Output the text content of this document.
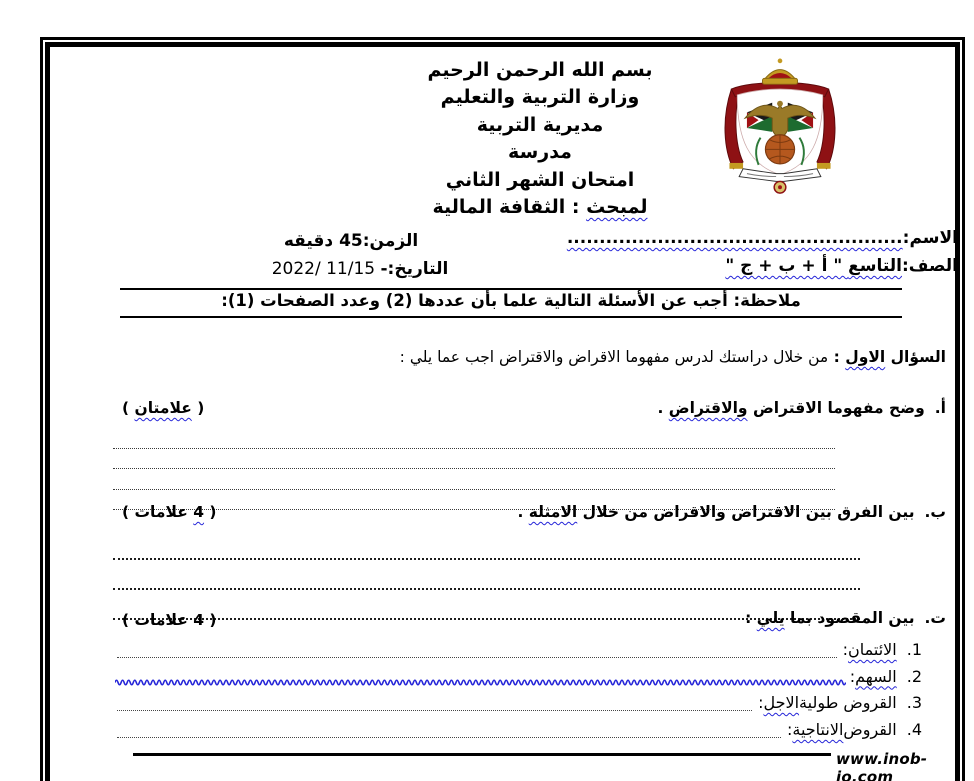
بسم الله الرحمن الرحيم
وزارة التربية والتعليم
مديرية التربية
مدرسة
امتحان الشهر الثاني
لمبحث : الثقافة المالية
الاسم:....................................................
الزمن:45 دقيقه
الصف:التاسع " أ + ب + ج "
التاريخ:- 2022/ 11/15
ملاحظة: أجب عن الأسئلة التالية علما بأن عددها (2) وعدد الصفحات (1):
السؤال الاول : من خلال دراستك لدرس مفهوما الاقراض والاقتراض اجب عما يلي :
أ.وضح مفهوما الاقتراض والاقتراض .
( علامتان )
ب.بين الفرق بين الاقتراض والاقراض من خلال الامثلة .
( 4 علامات )
ت.بين المقصود بما يلي :
( 4 علامات )
1.
الائتمان
:
2.
السهم
:
3.
القروض طولية
الاجل
:
4.
القروض
الانتاجية
:
www.inob-io.com
